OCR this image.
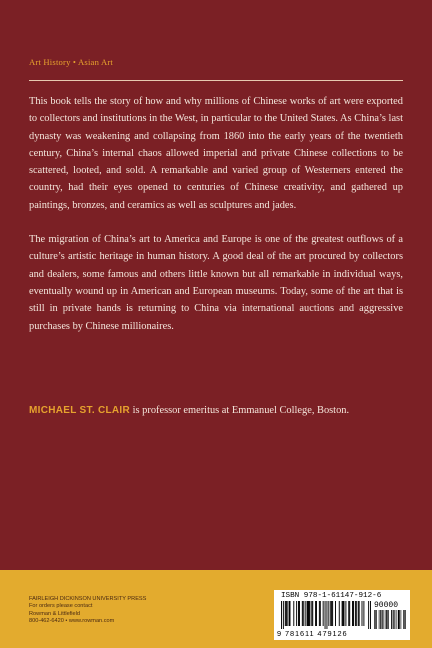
Art History • Asian Art

This book tells the story of how and why millions of Chinese works of art were exported to collectors and institutions in the West, in particular to the United States. As China’s last dynasty was weakening and collapsing from 1860 into the early years of the twentieth century, China’s internal chaos allowed imperial and private Chinese collections to be scattered, looted, and sold. A remarkable and varied group of Westerners entered the country, had their eyes opened to centuries of Chinese creativity, and gathered up paintings, bronzes, and ceramics as well as sculptures and jades.

The migration of China’s art to America and Europe is one of the greatest outflows of a culture’s artistic heritage in human history. A good deal of the art procured by collectors and dealers, some famous and others little known but all remarkable in individual ways, eventually wound up in American and European museums. Today, some of the art that is still in private hands is returning to China via international auctions and aggressive purchases by Chinese millionaires.

MICHAEL ST. CLAIR is professor emeritus at Emmanuel College, Boston.
FAIRLEIGH DICKINSON UNIVERSITY PRESS
For orders please contact
Rowman & Littlefield
800-462-6420 • www.rowman.com
ISBN 978-1-61147-912-6
90000
9 781611 479126
